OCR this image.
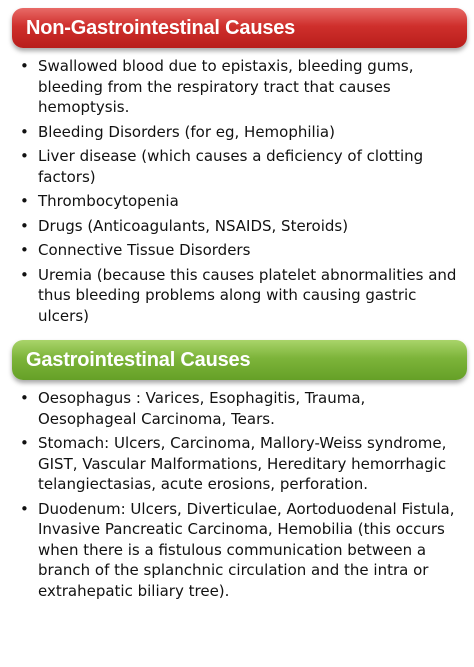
Non-Gastrointestinal Causes
• Swallowed blood due to epistaxis, bleeding gums, bleeding from the respiratory tract that causes hemoptysis.
• Bleeding Disorders (for eg, Hemophilia)
• Liver disease (which causes a deficiency of clotting factors)
• Thrombocytopenia
• Drugs (Anticoagulants, NSAIDS, Steroids)
• Connective Tissue Disorders
• Uremia (because this causes platelet abnormalities and thus bleeding problems along with causing gastric ulcers)
Gastrointestinal Causes
• Oesophagus : Varices, Esophagitis, Trauma, Oesophageal Carcinoma, Tears.
• Stomach: Ulcers, Carcinoma, Mallory-Weiss syndrome, GIST, Vascular Malformations, Hereditary hemorrhagic telangiectasias, acute erosions, perforation.
• Duodenum: Ulcers, Diverticulae, Aortoduodenal Fistula, Invasive Pancreatic Carcinoma, Hemobilia (this occurs when there is a fistulous communication between a branch of the splanchnic circulation and the intra or extrahepatic biliary tree).
